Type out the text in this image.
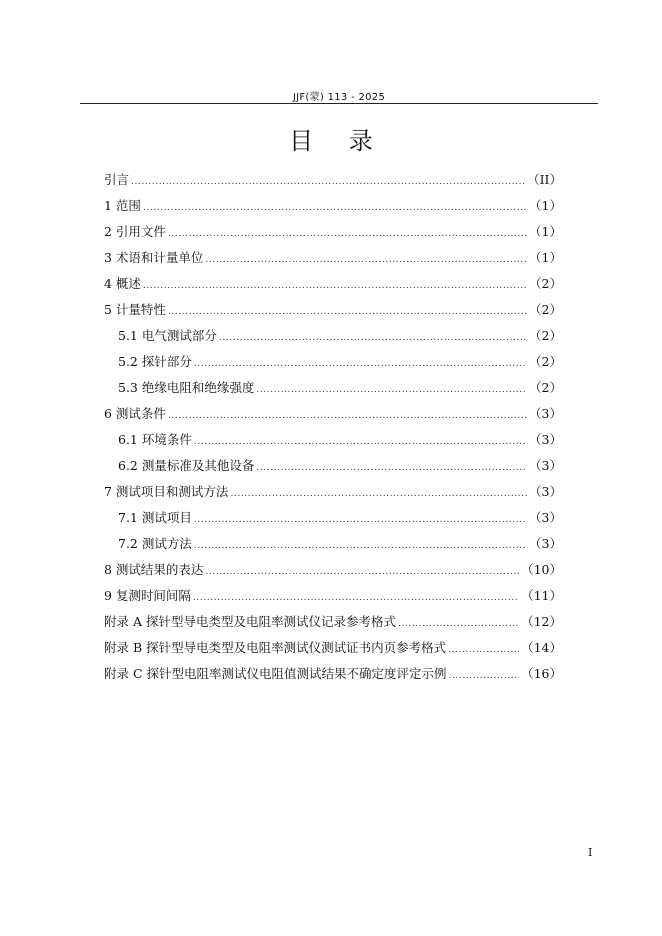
JJF(蒙) 113 - 2025
目 录
引言 .....	（II）
1 范围 .....	（1）
2 引用文件 .....	（1）
3 术语和计量单位 .....	（1）
4 概述 .....	（2）
5 计量特性 .....	（2）
5.1 电气测试部分 .....	（2）
5.2 探针部分 .....	（2）
5.3 绝缘电阻和绝缘强度 .....	（2）
6 测试条件 .....	（3）
6.1 环境条件 .....	（3）
6.2 测量标准及其他设备 .....	（3）
7 测试项目和测试方法 .....	（3）
7.1 测试项目 .....	（3）
7.2 测试方法 .....	（3）
8 测试结果的表达 .....	（10）
9 复测时间间隔 .....	（11）
附录 A 探针型导电类型及电阻率测试仪记录参考格式 .....	（12）
附录 B 探针型导电类型及电阻率测试仪测试证书内页参考格式 .....	（14）
附录 C 探针型电阻率测试仪电阻值测试结果不确定度评定示例 .....	（16）
I
